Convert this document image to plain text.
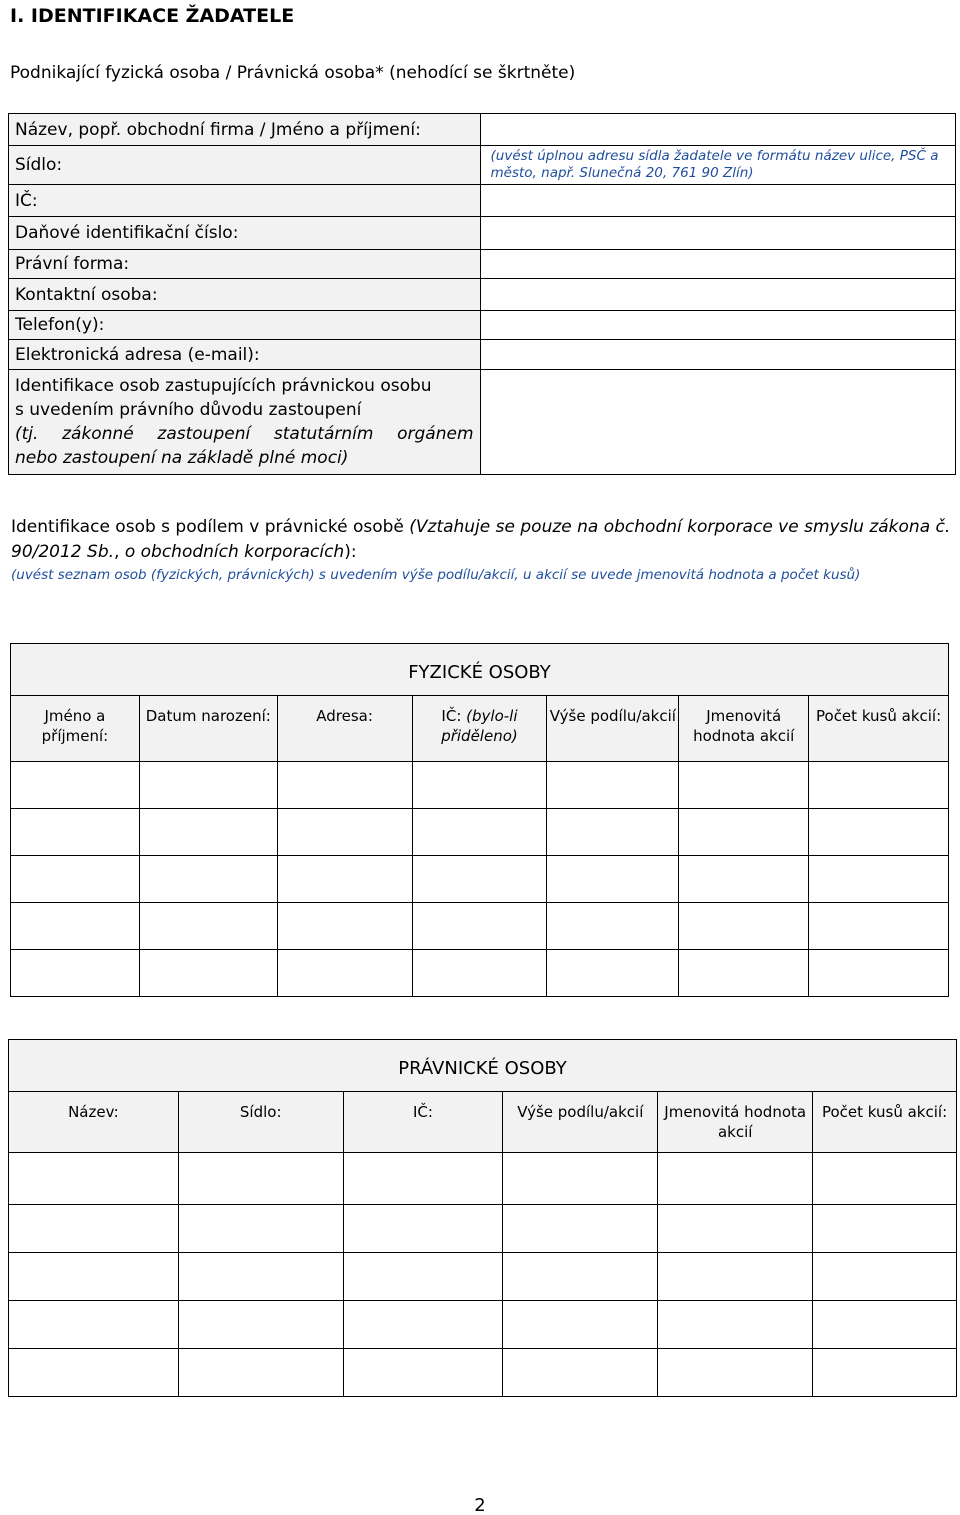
I. IDENTIFIKACE ŽADATELE
Podnikající fyzická osoba / Právnická osoba* (nehodící se škrtněte)
Název, popř. obchodní firma / Jméno a příjmení:	
Sídlo:	(uvést úplnou adresu sídla žadatele ve formátu název ulice, PSČ a město, např. Slunečná 20, 761 90 Zlín)
IČ:	
Daňové identifikační číslo:	
Právní forma:	
Kontaktní osoba:	
Telefon(y):	
Elektronická adresa (e-mail):	
Identifikace osob zastupujících právnickou osobu
s uvedením právního důvodu zastoupení

(tj. zákonné zastoupení statutárním orgánem
nebo zastoupení na základě plné moci)	
Identifikace osob s podílem v právnické osobě (Vztahuje se pouze na obchodní korporace ve smyslu zákona č. 90/2012 Sb., o obchodních korporacích):
(uvést seznam osob (fyzických, právnických) s uvedením výše podílu/akcií, u akcií se uvede jmenovitá hodnota a počet kusů)
FYZICKÉ OSOBY						
Jméno a příjmení:	Datum narození:	Adresa:	IČ: (bylo-li přiděleno)	Výše podílu/akcií	Jmenovitá hodnota akcií	Počet kusů akcií:

PRÁVNICKÉ OSOBY					
Název:	Sídlo:	IČ:	Výše podílu/akcií	Jmenovitá hodnota akcií	Počet kusů akcií:

2
